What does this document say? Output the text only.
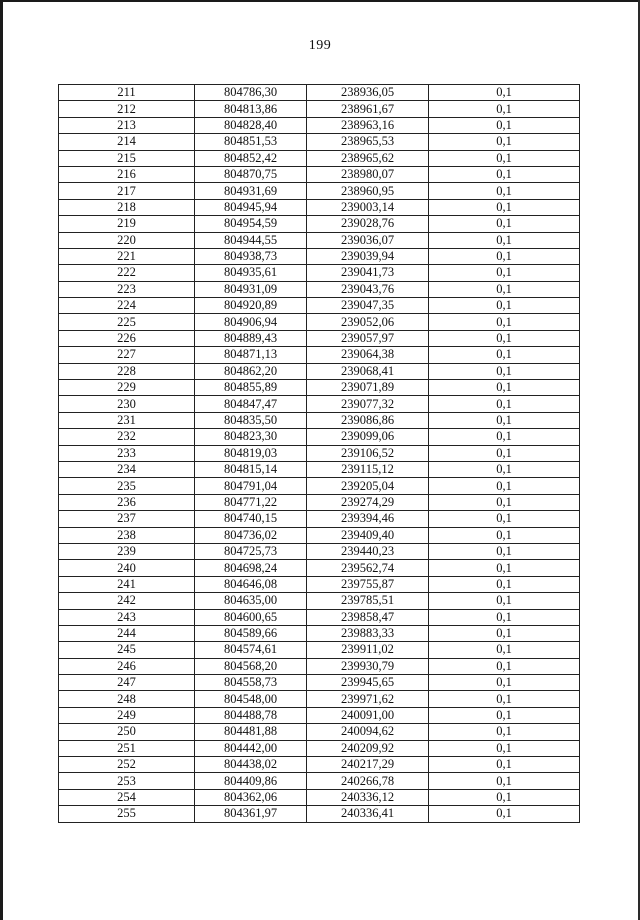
199
211	804786,30	238936,05	0,1
212	804813,86	238961,67	0,1
213	804828,40	238963,16	0,1
214	804851,53	238965,53	0,1
215	804852,42	238965,62	0,1
216	804870,75	238980,07	0,1
217	804931,69	238960,95	0,1
218	804945,94	239003,14	0,1
219	804954,59	239028,76	0,1
220	804944,55	239036,07	0,1
221	804938,73	239039,94	0,1
222	804935,61	239041,73	0,1
223	804931,09	239043,76	0,1
224	804920,89	239047,35	0,1
225	804906,94	239052,06	0,1
226	804889,43	239057,97	0,1
227	804871,13	239064,38	0,1
228	804862,20	239068,41	0,1
229	804855,89	239071,89	0,1
230	804847,47	239077,32	0,1
231	804835,50	239086,86	0,1
232	804823,30	239099,06	0,1
233	804819,03	239106,52	0,1
234	804815,14	239115,12	0,1
235	804791,04	239205,04	0,1
236	804771,22	239274,29	0,1
237	804740,15	239394,46	0,1
238	804736,02	239409,40	0,1
239	804725,73	239440,23	0,1
240	804698,24	239562,74	0,1
241	804646,08	239755,87	0,1
242	804635,00	239785,51	0,1
243	804600,65	239858,47	0,1
244	804589,66	239883,33	0,1
245	804574,61	239911,02	0,1
246	804568,20	239930,79	0,1
247	804558,73	239945,65	0,1
248	804548,00	239971,62	0,1
249	804488,78	240091,00	0,1
250	804481,88	240094,62	0,1
251	804442,00	240209,92	0,1
252	804438,02	240217,29	0,1
253	804409,86	240266,78	0,1
254	804362,06	240336,12	0,1
255	804361,97	240336,41	0,1
